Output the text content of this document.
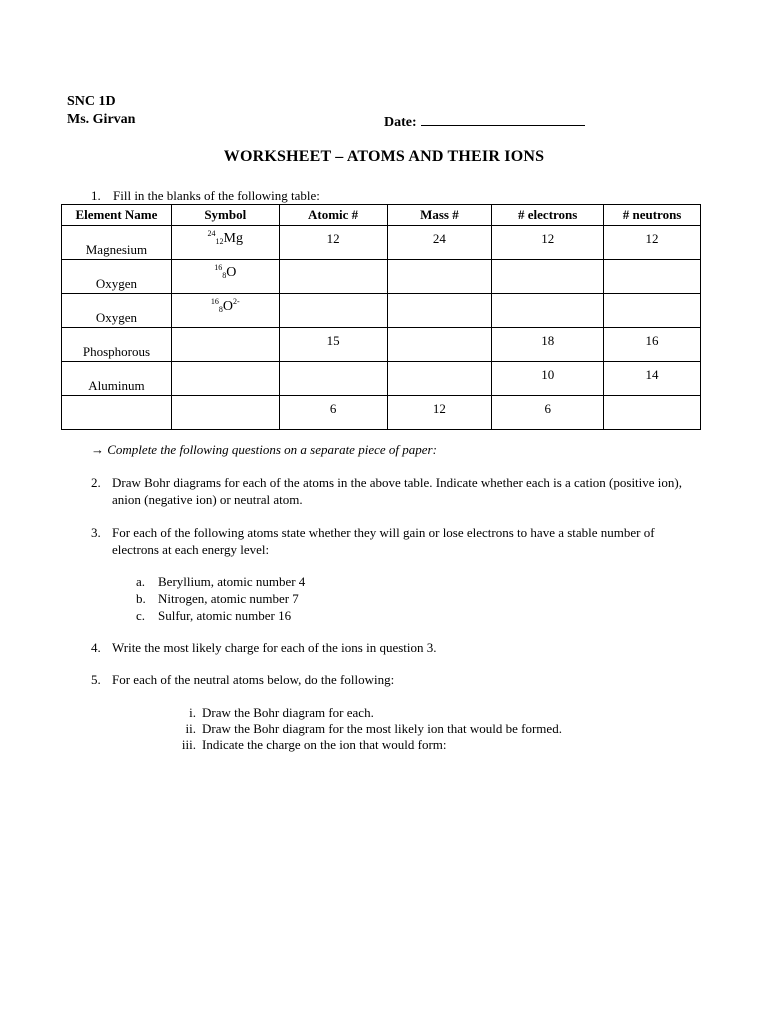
SNC 1D
Ms. Girvan	Date:
WORKSHEET – ATOMS AND THEIR IONS
1. Fill in the blanks of the following table:
Element Name	Symbol	Atomic #	Mass #	# electrons	# neutrons
Magnesium	$^{24}_{12}$Mg	12	24	12	12

Oxygen	$^{16}_8$O	

Oxygen	$^{16}_8O^{2-}$	

Phosphorous		15		18	16

Aluminum				10	14

		6	12	6	

→ Complete the following questions on a separate piece of paper:
2. Draw Bohr diagrams for each of the atoms in the above table. Indicate whether each is a cation (positive ion), anion (negative ion) or neutral atom.
3. For each of the following atoms state whether they will gain or lose electrons to have a stable number of electrons at each energy level:
a. Beryllium, atomic number 4
b. Nitrogen, atomic number 7
c. Sulfur, atomic number 16
4. Write the most likely charge for each of the ions in question 3.
5. For each of the neutral atoms below, do the following:
i. Draw the Bohr diagram for each.
ii. Draw the Bohr diagram for the most likely ion that would be formed.
iii. Indicate the charge on the ion that would form:
